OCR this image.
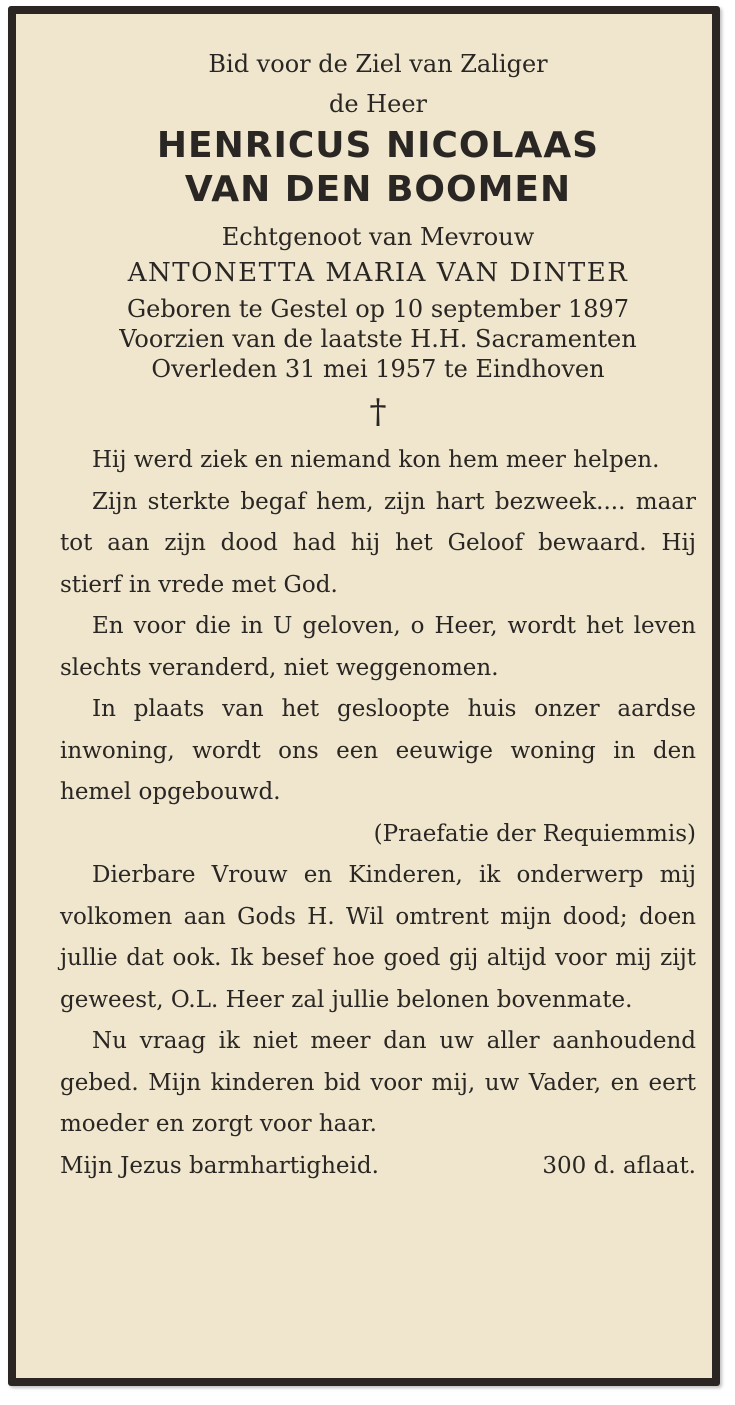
Bid voor de Ziel van Zaliger
de Heer
HENRICUS NICOLAAS
VAN DEN BOOMEN
Echtgenoot van Mevrouw
ANTONETTA MARIA VAN DINTER
Geboren te Gestel op 10 september 1897
Voorzien van de laatste H.H. Sacramenten
Overleden 31 mei 1957 te Eindhoven
†

Hij werd ziek en niemand kon hem meer helpen.

Zijn sterkte begaf hem, zijn hart bezweek.... maar tot aan zijn dood had hij het Geloof bewaard. Hij stierf in vrede met God.

En voor die in U geloven, o Heer, wordt het leven slechts veranderd, niet weggenomen.

In plaats van het gesloopte huis onzer aardse inwoning, wordt ons een eeuwige woning in den hemel opgebouwd.

(Praefatie der Requiemmis)

Dierbare Vrouw en Kinderen, ik onderwerp mij volkomen aan Gods H. Wil omtrent mijn dood; doen jullie dat ook. Ik besef hoe goed gij altijd voor mij zijt geweest, O.L. Heer zal jullie belonen bovenmate.

Nu vraag ik niet meer dan uw aller aanhoudend gebed. Mijn kinderen bid voor mij, uw Vader, en eert moeder en zorgt voor haar.

Mijn Jezus barmhartigheid.	300 d. aflaat.
